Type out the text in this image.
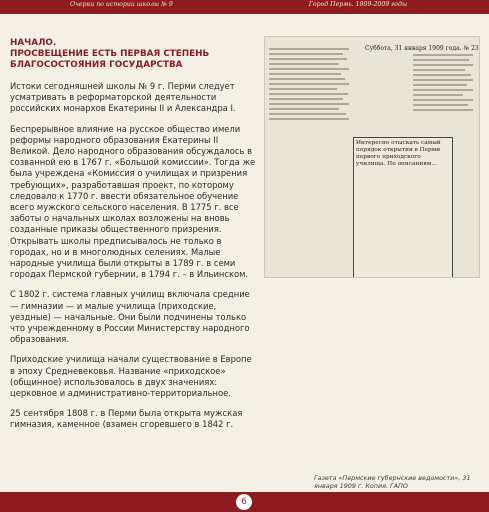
Очерки по истории школы № 9	Город Пермь. 1809-2009 годы
НАЧАЛО.
ПРОСВЕЩЕНИЕ ЕСТЬ ПЕРВАЯ СТЕПЕНЬ
БЛАГОСОСТОЯНИЯ ГОСУДАРСТВА

Истоки сегодняшней школы № 9 г. Перми следует усматривать в реформаторской деятельности российских монархов Екатерины II и Александра I.

Беспрерывное влияние на русское общество имели реформы народного образования Екатерины II Великой. Дело народного образования обсуждалось в созванной ею в 1767 г. «Большой комиссии». Тогда же была учреждена «Комиссия о училищах и призрения требующих», разработавшая проект, по которому следовало к 1770 г. ввести обязательное обучение всего мужского сельского населения. В 1775 г. все заботы о начальных школах возложены на вновь созданные приказы общественного призрения. Открывать школы предписывалось не только в городах, но и в многолюдных селениях. Малые народные училища были открыты в 1789 г. в семи городах Пермской губернии, в 1794 г. – в Ильинском.

С 1802 г. система главных училищ включала средние — гимназии — и малые училища (приходские, уездные) — начальные. Они были подчинены только что учрежденному в России Министерству народного образования.

Приходские училища начали существование в Европе в эпоху Средневековья. Название «приходское» (общинное) использовалось в двух значениях: церковное и административно-территориальное.

25 сентября 1808 г. в Перми была открыта мужская гимназия, каменное (взамен сгоревшего в 1842 г.

Суббота, 31 января 1909 года. № 23
Интересно отыскать самый порядок открытия в Перми первого приходского училища. По описаниям...
Газета «Пермские губернские ведомости», 31 января 1909 г. Копия. ГАПО
6
